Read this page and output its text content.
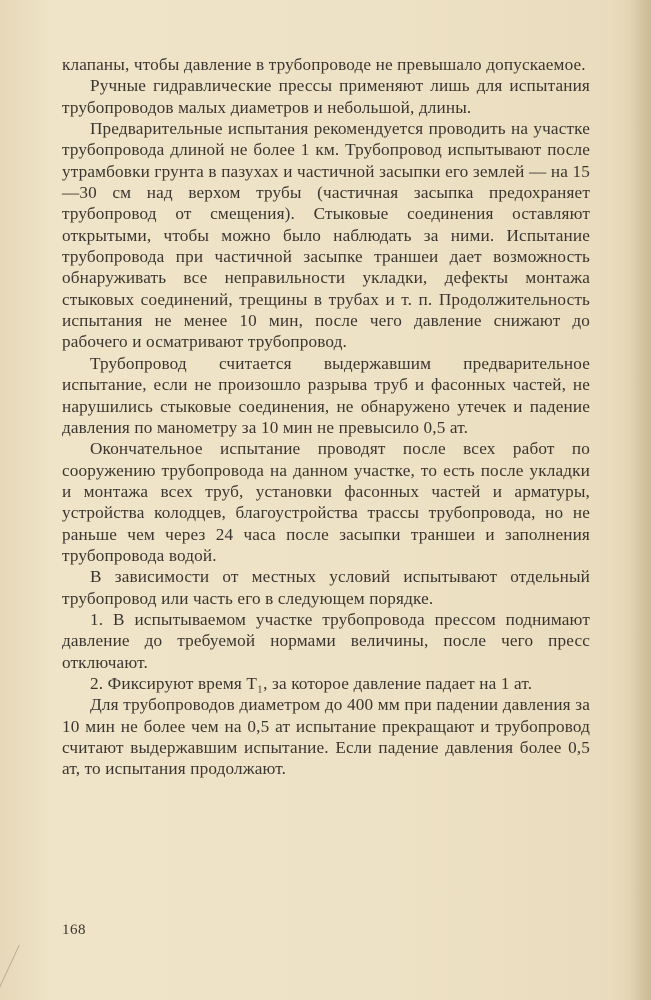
клапаны, чтобы давление в трубопроводе не превышало допускаемое.

Ручные гидравлические прессы применяют лишь для испытания трубопроводов малых диаметров и небольшой, длины.

Предварительные испытания рекомендуется проводить на участке трубопровода длиной не более 1 км. Трубопровод испытывают после утрамбовки грунта в пазухах и частичной засыпки его землей — на 15—30 см над верхом трубы (частичная засыпка предохраняет трубопровод от смещения). Стыковые соединения оставляют открытыми, чтобы можно было наблюдать за ними. Испытание трубопровода при частичной засыпке траншеи дает возможность обнаруживать все неправильности укладки, дефекты монтажа стыковых соединений, трещины в трубах и т. п. Продолжительность испытания не менее 10 мин, после чего давление снижают до рабочего и осматривают трубопровод.

Трубопровод считается выдержавшим предварительное испытание, если не произошло разрыва труб и фасонных частей, не нарушились стыковые соединения, не обнаружено утечек и падение давления по манометру за 10 мин не превысило 0,5 ат.

Окончательное испытание проводят после всех работ по сооружению трубопровода на данном участке, то есть после укладки и монтажа всех труб, установки фасонных частей и арматуры, устройства колодцев, благоустройства трассы трубопровода, но не раньше чем через 24 часа после засыпки траншеи и заполнения трубопровода водой.

В зависимости от местных условий испытывают отдельный трубопровод или часть его в следующем порядке.

1. В испытываемом участке трубопровода прессом поднимают давление до требуемой нормами величины, после чего пресс отключают.

2. Фиксируют время T₁, за которое давление падает на 1 ат.

Для трубопроводов диаметром до 400 мм при падении давления за 10 мин не более чем на 0,5 ат испытание прекращают и трубопровод считают выдержавшим испытание. Если падение давления более 0,5 ат, то испытания продолжают.

168
